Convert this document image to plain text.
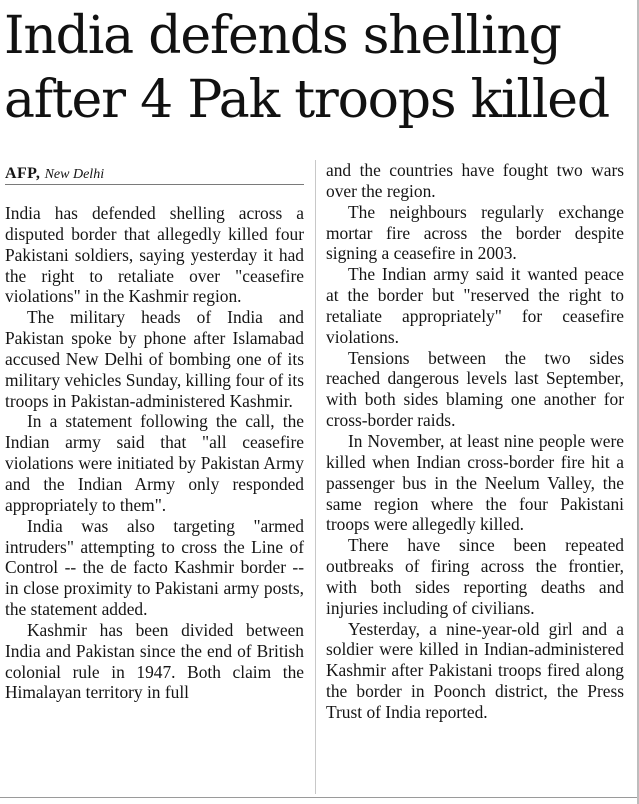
India defends shelling after 4 Pak troops killed
AFP, New Delhi

India has defended shelling across a disputed border that allegedly killed four Pakistani soldiers, saying yesterday it had the right to retaliate over "ceasefire violations" in the Kashmir region.

The military heads of India and Pakistan spoke by phone after Islamabad accused New Delhi of bombing one of its military vehicles Sunday, killing four of its troops in Pakistan-administered Kashmir.

In a statement following the call, the Indian army said that "all ceasefire violations were initiated by Pakistan Army and the Indian Army only responded appropriately to them".

India was also targeting "armed intruders" attempting to cross the Line of Control -- the de facto Kashmir border -- in close proximity to Pakistani army posts, the statement added.

Kashmir has been divided between India and Pakistan since the end of British colonial rule in 1947. Both claim the Himalayan territory in full

and the countries have fought two wars over the region.

The neighbours regularly exchange mortar fire across the border despite signing a ceasefire in 2003.

The Indian army said it wanted peace at the border but "reserved the right to retaliate appropriately" for ceasefire violations.

Tensions between the two sides reached dangerous levels last September, with both sides blaming one another for cross-border raids.

In November, at least nine people were killed when Indian cross-border fire hit a passenger bus in the Neelum Valley, the same region where the four Pakistani troops were allegedly killed.

There have since been repeated outbreaks of firing across the frontier, with both sides reporting deaths and injuries including of civilians.

Yesterday, a nine-year-old girl and a soldier were killed in Indian-administered Kashmir after Pakistani troops fired along the border in Poonch district, the Press Trust of India reported.
